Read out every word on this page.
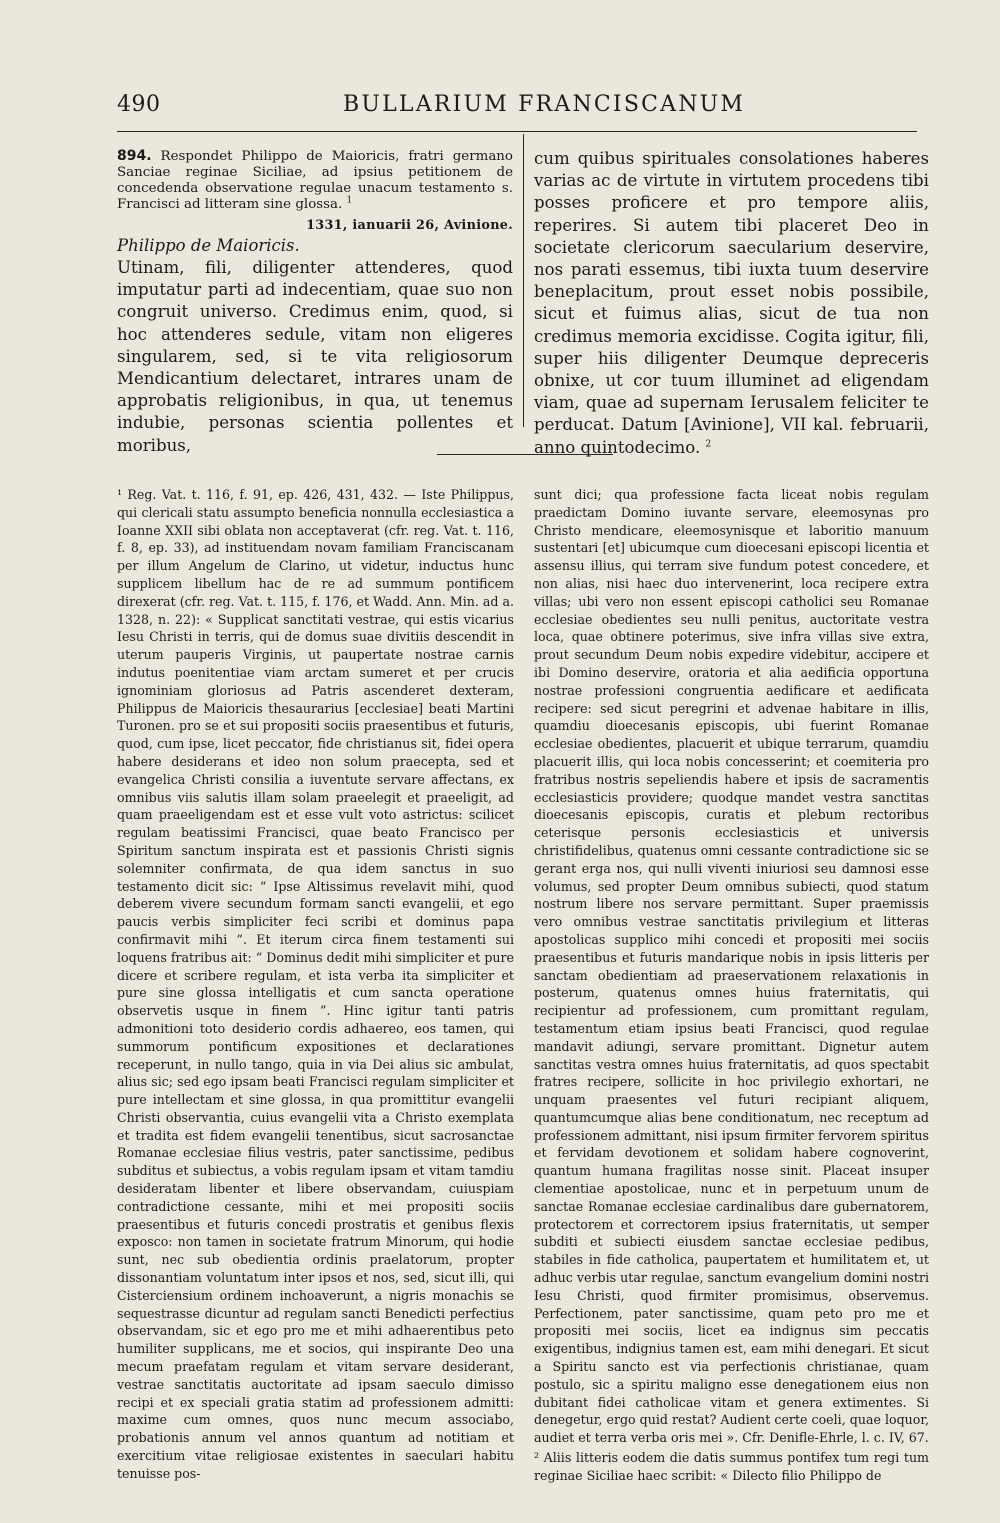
490	BULLARIUM FRANCISCANUM

894. Respondet Philippo de Maioricis, fratri germano Sanciae reginae Siciliae, ad ipsius petitionem de concedenda observatione regulae unacum testamento s. Francisci ad litteram sine glossa. $^1$

1331, ianuarii 26, Avinione.

Philippo de Maioricis.

Utinam, fili, diligenter attenderes, quod imputatur parti ad indecentiam, quae suo non congruit universo. Credimus enim, quod, si hoc attenderes sedule, vitam non eligeres singularem, sed, si te vita religiosorum Mendicantium delectaret, intrares unam de approbatis religionibus, in qua, ut tenemus indubie, personas scientia pollentes et moribus,

cum quibus spirituales consolationes haberes varias ac de virtute in virtutem procedens tibi posses proficere et pro tempore aliis, reperires. Si autem tibi placeret Deo in societate clericorum saecularium deservire, nos parati essemus, tibi iuxta tuum deservire beneplacitum, prout esset nobis possibile, sicut et fuimus alias, sicut de tua non credimus memoria excidisse. Cogita igitur, fili, super hiis diligenter Deumque depreceris obnixe, ut cor tuum illuminet ad eligendam viam, quae ad supernam Ierusalem feliciter te perducat. Datum [Avinione], VII kal. februarii, anno quintodecimo. $^2$

¹ Reg. Vat. t. 116, f. 91, ep. 426, 431, 432. — Iste Philippus, qui clericali statu assumpto beneficia nonnulla ecclesiastica a Ioanne XXII sibi oblata non acceptaverat (cfr. reg. Vat. t. 116, f. 8, ep. 33), ad instituendam novam familiam Franciscanam per illum Angelum de Clarino, ut videtur, inductus hunc supplicem libellum hac de re ad summum pontificem direxerat (cfr. reg. Vat. t. 115, f. 176, et Wadd. Ann. Min. ad a. 1328, n. 22): « Supplicat sanctitati vestrae, qui estis vicarius Iesu Christi in terris, qui de domus suae divitiis descendit in uterum pauperis Virginis, ut paupertate nostrae carnis indutus poenitentiae viam arctam sumeret et per crucis ignominiam gloriosus ad Patris ascenderet dexteram, Philippus de Maioricis thesaurarius [ecclesiae] beati Martini Turonen. pro se et sui propositi sociis praesentibus et futuris, quod, cum ipse, licet peccator, fide christianus sit, fidei opera habere desiderans et ideo non solum praecepta, sed et evangelica Christi consilia a iuventute servare affectans, ex omnibus viis salutis illam solam praeelegit et praeeligit, ad quam praeeligendam est et esse vult voto astrictus: scilicet regulam beatissimi Francisci, quae beato Francisco per Spiritum sanctum inspirata est et passionis Christi signis solemniter confirmata, de qua idem sanctus in suo testamento dicit sic: “ Ipse Altissimus revelavit mihi, quod deberem vivere secundum formam sancti evangelii, et ego paucis verbis simpliciter feci scribi et dominus papa confirmavit mihi ”. Et iterum circa finem testamenti sui loquens fratribus ait: “ Dominus dedit mihi simpliciter et pure dicere et scribere regulam, et ista verba ita simpliciter et pure sine glossa intelligatis et cum sancta operatione observetis usque in finem ”. Hinc igitur tanti patris admonitioni toto desiderio cordis adhaereo, eos tamen, qui summorum pontificum expositiones et declarationes receperunt, in nullo tango, quia in via Dei alius sic ambulat, alius sic; sed ego ipsam beati Francisci regulam simpliciter et pure intellectam et sine glossa, in qua promittitur evangelii Christi observantia, cuius evangelii vita a Christo exemplata et tradita est fidem evangelii tenentibus, sicut sacrosanctae Romanae ecclesiae filius vestris, pater sanctissime, pedibus subditus et subiectus, a vobis regulam ipsam et vitam tamdiu desideratam libenter et libere observandam, cuiuspiam contradictione cessante, mihi et mei propositi sociis praesentibus et futuris concedi prostratis et genibus flexis exposco: non tamen in societate fratrum Minorum, qui hodie sunt, nec sub obedientia ordinis praelatorum, propter dissonantiam voluntatum inter ipsos et nos, sed, sicut illi, qui Cisterciensium ordinem inchoaverunt, a nigris monachis se sequestrasse dicuntur ad regulam sancti Benedicti perfectius observandam, sic et ego pro me et mihi adhaerentibus peto humiliter supplicans, me et socios, qui inspirante Deo una mecum praefatam regulam et vitam servare desiderant, vestrae sanctitatis auctoritate ad ipsam saeculo dimisso recipi et ex speciali gratia statim ad professionem admitti: maxime cum omnes, quos nunc mecum associabo, probationis annum vel annos quantum ad notitiam et exercitium vitae religiosae existentes in saeculari habitu tenuisse pos-

sunt dici; qua professione facta liceat nobis regulam praedictam Domino iuvante servare, eleemosynas pro Christo mendicare, eleemosynisque et laboritio manuum sustentari [et] ubicumque cum dioecesani episcopi licentia et assensu illius, qui terram sive fundum potest concedere, et non alias, nisi haec duo intervenerint, loca recipere extra villas; ubi vero non essent episcopi catholici seu Romanae ecclesiae obedientes seu nulli penitus, auctoritate vestra loca, quae obtinere poterimus, sive infra villas sive extra, prout secundum Deum nobis expedire videbitur, accipere et ibi Domino deservire, oratoria et alia aedificia opportuna nostrae professioni congruentia aedificare et aedificata recipere: sed sicut peregrini et advenae habitare in illis, quamdiu dioecesanis episcopis, ubi fuerint Romanae ecclesiae obedientes, placuerit et ubique terrarum, quamdiu placuerit illis, qui loca nobis concesserint; et coemiteria pro fratribus nostris sepeliendis habere et ipsis de sacramentis ecclesiasticis providere; quodque mandet vestra sanctitas dioecesanis episcopis, curatis et plebum rectoribus ceterisque personis ecclesiasticis et universis christifidelibus, quatenus omni cessante contradictione sic se gerant erga nos, qui nulli viventi iniuriosi seu damnosi esse volumus, sed propter Deum omnibus subiecti, quod statum nostrum libere nos servare permittant. Super praemissis vero omnibus vestrae sanctitatis privilegium et litteras apostolicas supplico mihi concedi et propositi mei sociis praesentibus et futuris mandarique nobis in ipsis litteris per sanctam obedientiam ad praeservationem relaxationis in posterum, quatenus omnes huius fraternitatis, qui recipientur ad professionem, cum promittant regulam, testamentum etiam ipsius beati Francisci, quod regulae mandavit adiungi, servare promittant. Dignetur autem sanctitas vestra omnes huius fraternitatis, ad quos spectabit fratres recipere, sollicite in hoc privilegio exhortari, ne unquam praesentes vel futuri recipiant aliquem, quantumcumque alias bene conditionatum, nec receptum ad professionem admittant, nisi ipsum firmiter fervorem spiritus et fervidam devotionem et solidam habere cognoverint, quantum humana fragilitas nosse sinit. Placeat insuper clementiae apostolicae, nunc et in perpetuum unum de sanctae Romanae ecclesiae cardinalibus dare gubernatorem, protectorem et correctorem ipsius fraternitatis, ut semper subditi et subiecti eiusdem sanctae ecclesiae pedibus, stabiles in fide catholica, paupertatem et humilitatem et, ut adhuc verbis utar regulae, sanctum evangelium domini nostri Iesu Christi, quod firmiter promisimus, observemus. Perfectionem, pater sanctissime, quam peto pro me et propositi mei sociis, licet ea indignus sim peccatis exigentibus, indignius tamen est, eam mihi denegari. Et sicut a Spiritu sancto est via perfectionis christianae, quam postulo, sic a spiritu maligno esse denegationem eius non dubitant fidei catholicae vitam et genera extimentes. Si denegetur, ergo quid restat? Audient certe coeli, quae loquor, audiet et terra verba oris mei ». Cfr. Denifle-Ehrle, l. c. IV, 67.

² Aliis litteris eodem die datis summus pontifex tum regi tum reginae Siciliae haec scribit: « Dilecto filio Philippo de
